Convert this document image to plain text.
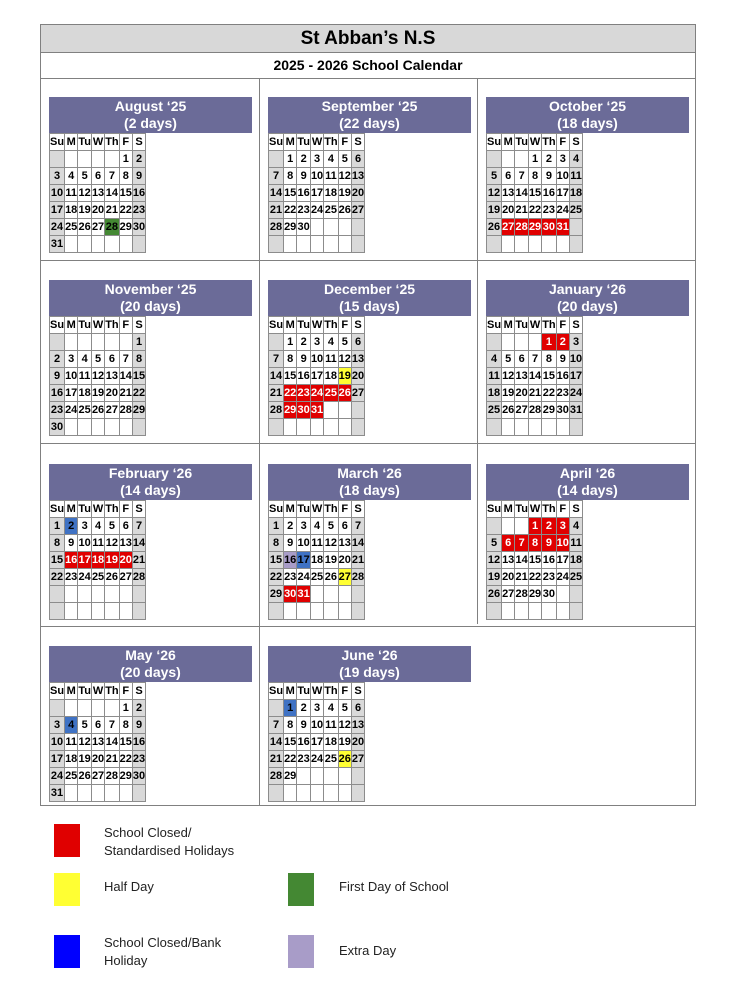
St Abban’s N.S
2025 - 2026 School Calendar
August ‘25
(2 days)
Su	M	Tu	W	Th	F	S
					1	2
3	4	5	6	7	8	9
10	11	12	13	14	15	16
17	18	19	20	21	22	23
24	25	26	27	28	29	30
31						
September ‘25
(22 days)
Su	M	Tu	W	Th	F	S
	1	2	3	4	5	6
7	8	9	10	11	12	13
14	15	16	17	18	19	20
21	22	23	24	25	26	27
28	29	30				

October ‘25
(18 days)
Su	M	Tu	W	Th	F	S
			1	2	3	4
5	6	7	8	9	10	11
12	13	14	15	16	17	18
19	20	21	22	23	24	25
26	27	28	29	30	31	

November ‘25
(20 days)
Su	M	Tu	W	Th	F	S
						1
2	3	4	5	6	7	8
9	10	11	12	13	14	15
16	17	18	19	20	21	22
23	24	25	26	27	28	29
30						
December ‘25
(15 days)
Su	M	Tu	W	Th	F	S
	1	2	3	4	5	6
7	8	9	10	11	12	13
14	15	16	17	18	19	20
21	22	23	24	25	26	27
28	29	30	31			

January ‘26
(20 days)
Su	M	Tu	W	Th	F	S
				1	2	3
4	5	6	7	8	9	10
11	12	13	14	15	16	17
18	19	20	21	22	23	24
25	26	27	28	29	30	31

February ‘26
(14 days)
Su	M	Tu	W	Th	F	S
1	2	3	4	5	6	7
8	9	10	11	12	13	14
15	16	17	18	19	20	21
22	23	24	25	26	27	28

March ‘26
(18 days)
Su	M	Tu	W	Th	F	S
1	2	3	4	5	6	7
8	9	10	11	12	13	14
15	16	17	18	19	20	21
22	23	24	25	26	27	28
29	30	31				

April ‘26
(14 days)
Su	M	Tu	W	Th	F	S
			1	2	3	4
5	6	7	8	9	10	11
12	13	14	15	16	17	18
19	20	21	22	23	24	25
26	27	28	29	30		

May ‘26
(20 days)
Su	M	Tu	W	Th	F	S
					1	2
3	4	5	6	7	8	9
10	11	12	13	14	15	16
17	18	19	20	21	22	23
24	25	26	27	28	29	30
31						
June ‘26
(19 days)
Su	M	Tu	W	Th	F	S
	1	2	3	4	5	6
7	8	9	10	11	12	13
14	15	16	17	18	19	20
21	22	23	24	25	26	27
28	29					

School Closed/
Standardised Holidays
Half Day	First Day of School
School Closed/Bank
Holiday
Extra Day
